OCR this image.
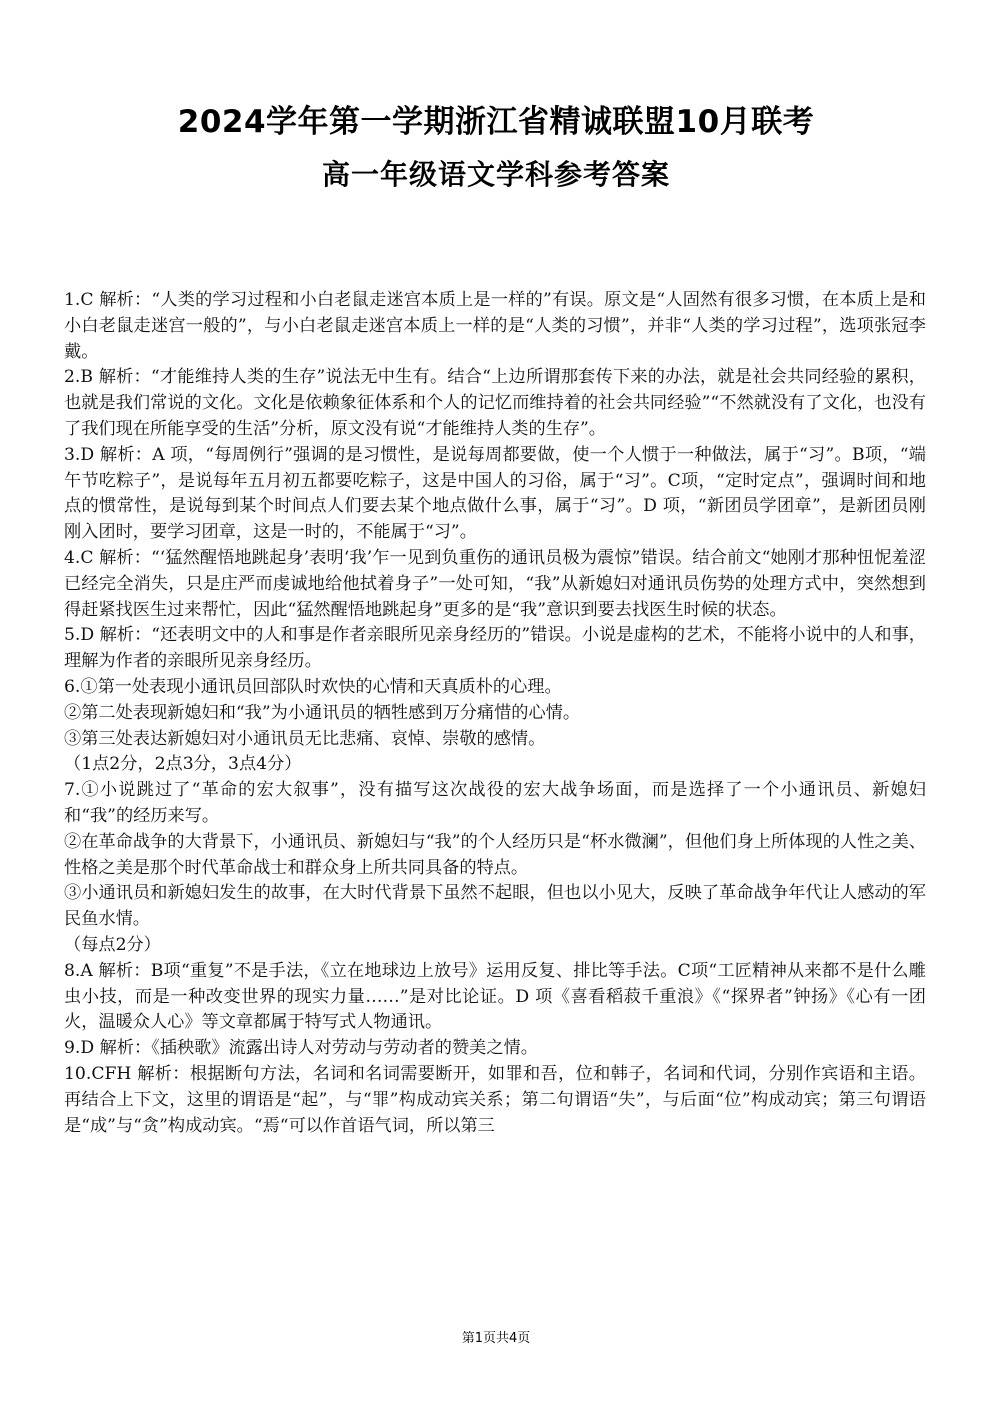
2024学年第一学期浙江省精诚联盟10月联考
高一年级语文学科参考答案

1.C 解析：“人类的学习过程和小白老鼠走迷宫本质上是一样的”有误。原文是“人固然有很多习惯，在本质上是和小白老鼠走迷宫一般的”，与小白老鼠走迷宫本质上一样的是“人类的习惯”，并非“人类的学习过程”，选项张冠李戴。

2.B 解析：“才能维持人类的生存”说法无中生有。结合“上边所谓那套传下来的办法，就是社会共同经验的累积，也就是我们常说的文化。文化是依赖象征体系和个人的记忆而维持着的社会共同经验”“不然就没有了文化，也没有了我们现在所能享受的生活”分析，原文没有说“才能维持人类的生存”。

3.D 解析：A 项，“每周例行”强调的是习惯性，是说每周都要做，使一个人惯于一种做法，属于“习”。B项，“端午节吃粽子”，是说每年五月初五都要吃粽子，这是中国人的习俗，属于“习”。C项，“定时定点”，强调时间和地点的惯常性，是说每到某个时间点人们要去某个地点做什么事，属于“习”。D 项，“新团员学团章”，是新团员刚刚入团时，要学习团章，这是一时的，不能属于“习”。

4.C 解析：“‘猛然醒悟地跳起身’表明‘我’乍一见到负重伤的通讯员极为震惊”错误。结合前文“她刚才那种忸怩羞涩已经完全消失，只是庄严而虔诚地给他拭着身子”一处可知，“我”从新媳妇对通讯员伤势的处理方式中，突然想到得赶紧找医生过来帮忙，因此“猛然醒悟地跳起身”更多的是“我”意识到要去找医生时候的状态。

5.D 解析：“还表明文中的人和事是作者亲眼所见亲身经历的”错误。小说是虚构的艺术，不能将小说中的人和事，理解为作者的亲眼所见亲身经历。

6.①第一处表现小通讯员回部队时欢快的心情和天真质朴的心理。

②第二处表现新媳妇和“我”为小通讯员的牺牲感到万分痛惜的心情。

③第三处表达新媳妇对小通讯员无比悲痛、哀悼、崇敬的感情。

（1点2分，2点3分，3点4分）

7.①小说跳过了“革命的宏大叙事”，没有描写这次战役的宏大战争场面，而是选择了一个小通讯员、新媳妇和“我”的经历来写。

②在革命战争的大背景下，小通讯员、新媳妇与“我”的个人经历只是“杯水微澜”，但他们身上所体现的人性之美、性格之美是那个时代革命战士和群众身上所共同具备的特点。

③小通讯员和新媳妇发生的故事，在大时代背景下虽然不起眼，但也以小见大，反映了革命战争年代让人感动的军民鱼水情。

（每点2分）

8.A 解析：B项“重复”不是手法，《立在地球边上放号》运用反复、排比等手法。C项“工匠精神从来都不是什么雕虫小技，而是一种改变世界的现实力量……”是对比论证。D 项《喜看稻菽千重浪》《“探界者”钟扬》《心有一团火，温暖众人心》等文章都属于特写式人物通讯。

9.D 解析：《插秧歌》流露出诗人对劳动与劳动者的赞美之情。

10.CFH 解析：根据断句方法，名词和名词需要断开，如罪和吾，位和韩子，名词和代词，分别作宾语和主语。再结合上下文，这里的谓语是“起”，与“罪”构成动宾关系；第二句谓语“失”，与后面“位”构成动宾；第三句谓语是“成”与“贪”构成动宾。“焉“可以作首语气词，所以第三

第1页共4页
